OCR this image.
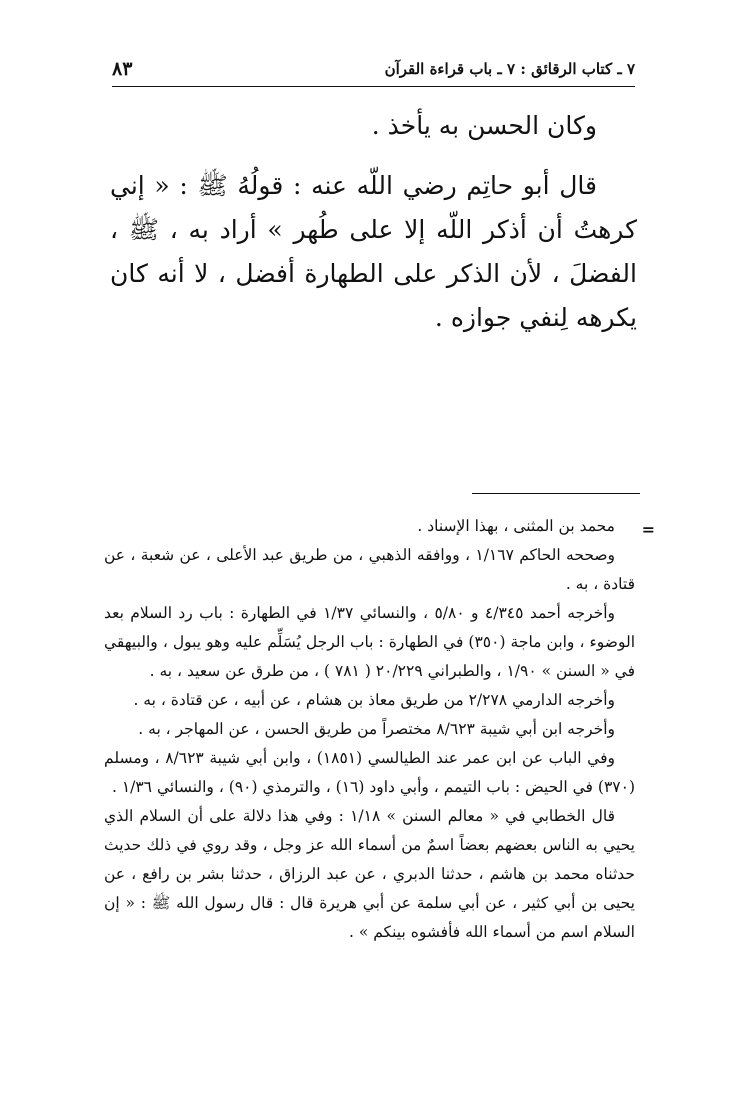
٧ ـ كتاب الرقائق : ٧ ـ باب قراءة القرآن
٨٣

وكان الحسن به يأخذ .

قال أبو حاتِم رضي اللّه عنه : قولُهُ ﷺ : « إني كرهتُ أن أذكر اللّه إلا على طُهر » أراد به ، ﷺ ، الفضلَ ، لأن الذكر على الطهارة أفضل ، لا أنه كان يكرهه لِنفي جوازه .

=

محمد بن المثنى ، بهذا الإسناد .

وصححه الحاكم ١/١٦٧ ، ووافقه الذهبي ، من طريق عبد الأعلى ، عن شعبة ، عن قتادة ، به .

وأخرجه أحمد ٤/٣٤٥ و ٥/٨٠ ، والنسائي ١/٣٧ في الطهارة : باب رد السلام بعد الوضوء ، وابن ماجة (٣٥٠) في الطهارة : باب الرجل يُسَلِّم عليه وهو يبول ، والبيهقي في « السنن » ١/٩٠ ، والطبراني ٢٠/٢٢٩ ( ٧٨١ ) ، من طرق عن سعيد ، به .

وأخرجه الدارمي ٢/٢٧٨ من طريق معاذ بن هشام ، عن أبيه ، عن قتادة ، به .

وأخرجه ابن أبي شيبة ٨/٦٢٣ مختصراً من طريق الحسن ، عن المهاجر ، به .

وفي الباب عن ابن عمر عند الطيالسي (١٨٥١) ، وابن أبي شيبة ٨/٦٢٣ ، ومسلم (٣٧٠) في الحيض : باب التيمم ، وأبي داود (١٦) ، والترمذي (٩٠) ، والنسائي ١/٣٦ .

قال الخطابي في « معالم السنن » ١/١٨ : وفي هذا دلالة على أن السلام الذي يحيي به الناس بعضهم بعضاً اسمٌ من أسماء الله عز وجل ، وقد روي في ذلك حديث حدثناه محمد بن هاشم ، حدثنا الدبري ، عن عبد الرزاق ، حدثنا بشر بن رافع ، عن يحيى بن أبي كثير ، عن أبي سلمة عن أبي هريرة قال : قال رسول الله ﷺ : « إن السلام اسم من أسماء الله فأفشوه بينكم » .
